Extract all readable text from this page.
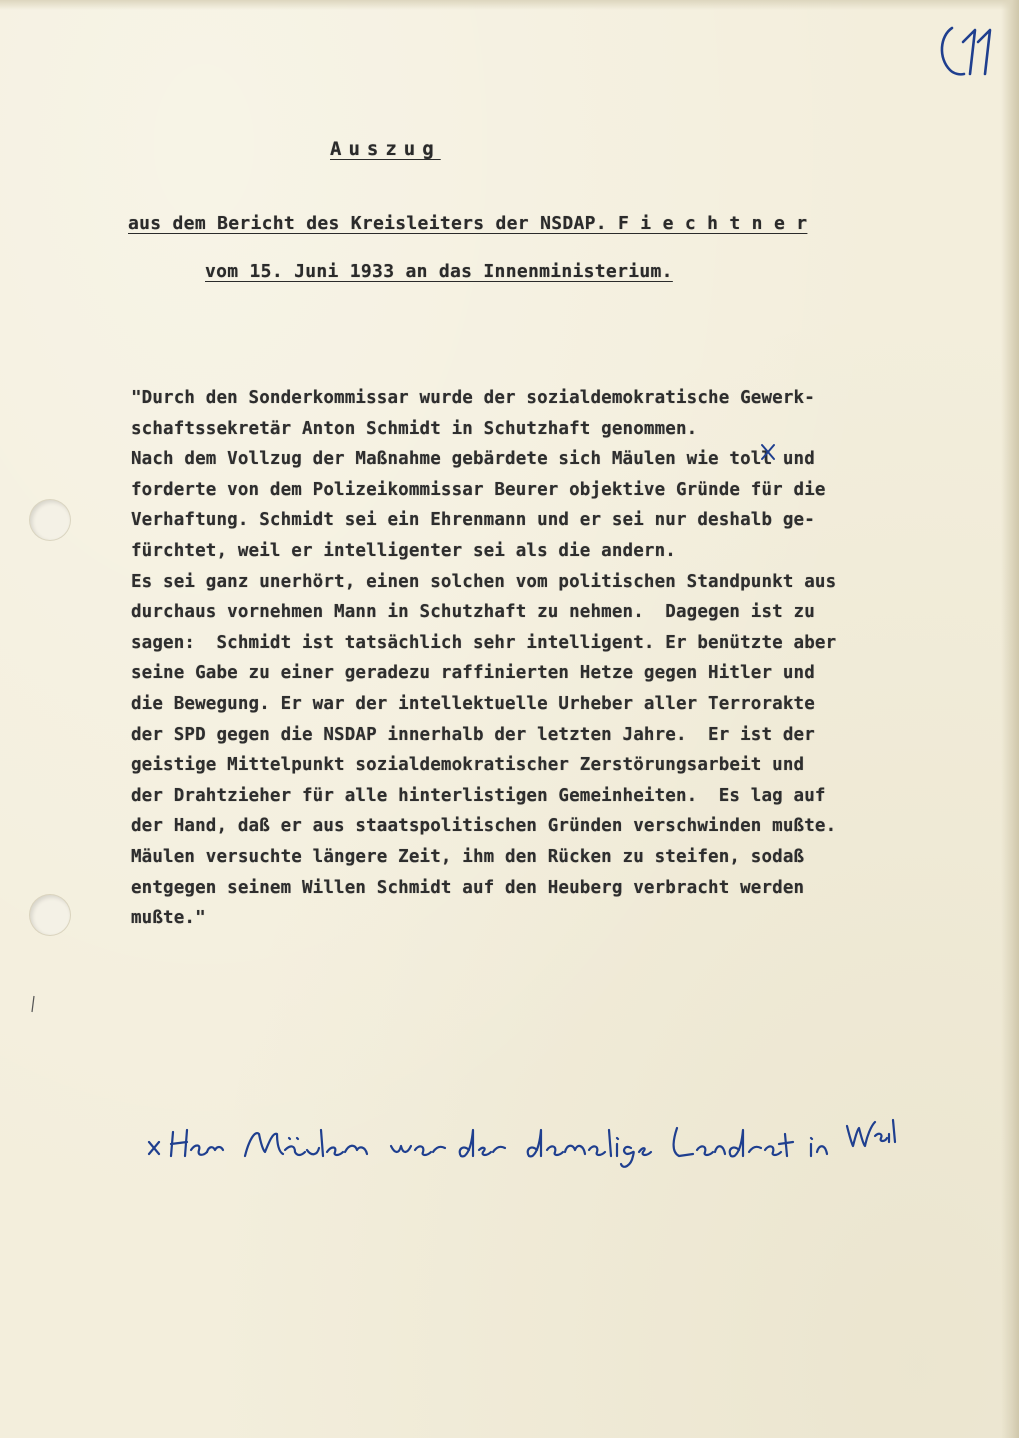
Auszug
aus dem Bericht des Kreisleiters der NSDAP. F i e c h t n e r
vom 15. Juni 1933 an das Innenministerium.
"Durch den Sonderkommissar wurde der sozialdemokratische Gewerk-
schaftssekretär Anton Schmidt in Schutzhaft genommen.
Nach dem Vollzug der Maßnahme gebärdete sich Mäulen wie toll und
forderte von dem Polizeikommissar Beurer objektive Gründe für die
Verhaftung. Schmidt sei ein Ehrenmann und er sei nur deshalb ge-
fürchtet, weil er intelligenter sei als die andern.
Es sei ganz unerhört, einen solchen vom politischen Standpunkt aus
durchaus vornehmen Mann in Schutzhaft zu nehmen.  Dagegen ist zu
sagen:  Schmidt ist tatsächlich sehr intelligent. Er benützte aber
seine Gabe zu einer geradezu raffinierten Hetze gegen Hitler und
die Bewegung. Er war der intellektuelle Urheber aller Terrorakte
der SPD gegen die NSDAP innerhalb der letzten Jahre.  Er ist der
geistige Mittelpunkt sozialdemokratischer Zerstörungsarbeit und
der Drahtzieher für alle hinterlistigen Gemeinheiten.  Es lag auf
der Hand, daß er aus staatspolitischen Gründen verschwinden mußte.
Mäulen versuchte längere Zeit, ihm den Rücken zu steifen, sodaß
entgegen seinem Willen Schmidt auf den Heuberg verbracht werden
mußte."
